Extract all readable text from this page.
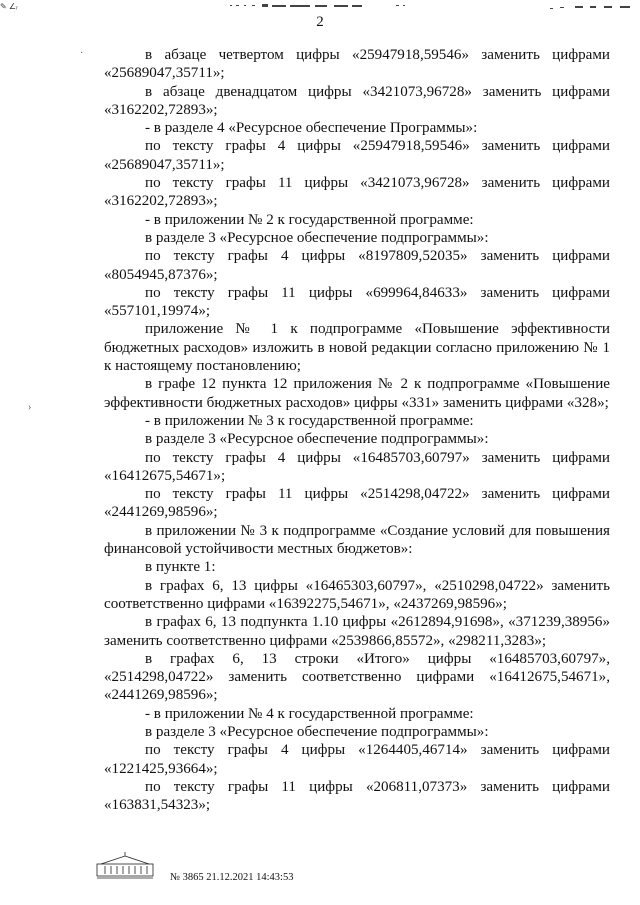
✎ ∠ᵣ
2
·
›

в абзаце четвертом цифры «25947918,59546» заменить цифрами «25689047,35711»;

в абзаце двенадцатом цифры «3421073,96728» заменить цифрами «3162202,72893»;

- в разделе 4 «Ресурсное обеспечение Программы»:

по тексту графы 4 цифры «25947918,59546» заменить цифрами «25689047,35711»;

по тексту графы 11 цифры «3421073,96728» заменить цифрами «3162202,72893»;

- в приложении № 2 к государственной программе:

в разделе 3 «Ресурсное обеспечение подпрограммы»:

по тексту графы 4 цифры «8197809,52035» заменить цифрами «8054945,87376»;

по тексту графы 11 цифры «699964,84633» заменить цифрами «557101,19974»;

приложение № 1 к подпрограмме «Повышение эффективности бюджетных расходов» изложить в новой редакции согласно приложению № 1 к настоящему постановлению;

в графе 12 пункта 12 приложения № 2 к подпрограмме «Повышение эффективности бюджетных расходов» цифры «331» заменить цифрами «328»;

- в приложении № 3 к государственной программе:

в разделе 3 «Ресурсное обеспечение подпрограммы»:

по тексту графы 4 цифры «16485703,60797» заменить цифрами «16412675,54671»;

по тексту графы 11 цифры «2514298,04722» заменить цифрами «2441269,98596»;

в приложении № 3 к подпрограмме «Создание условий для повышения финансовой устойчивости местных бюджетов»:

в пункте 1:

в графах 6, 13 цифры «16465303,60797», «2510298,04722» заменить соответственно цифрами «16392275,54671», «2437269,98596»;

в графах 6, 13 подпункта 1.10 цифры «2612894,91698», «371239,38956» заменить соответственно цифрами «2539866,85572», «298211,3283»;

в графах 6, 13 строки «Итого» цифры «16485703,60797», «2514298,04722» заменить соответственно цифрами «16412675,54671», «2441269,98596»;

- в приложении № 4 к государственной программе:

в разделе 3 «Ресурсное обеспечение подпрограммы»:

по тексту графы 4 цифры «1264405,46714» заменить цифрами «1221425,93664»;

по тексту графы 11 цифры «206811,07373» заменить цифрами «163831,54323»;

№ 3865 21.12.2021 14:43:53
